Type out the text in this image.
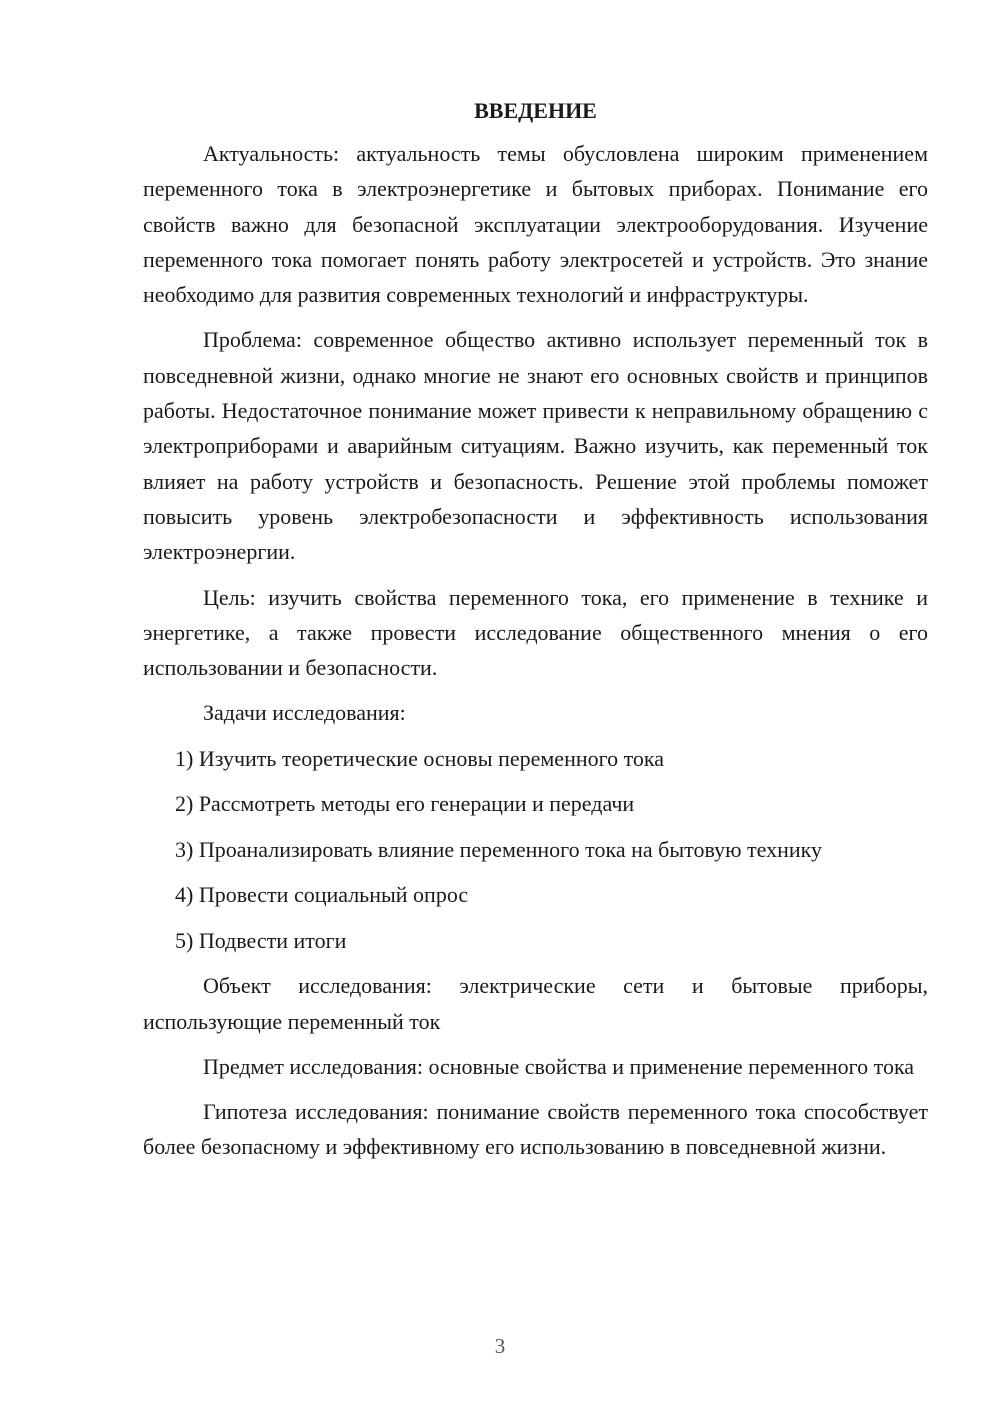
ВВЕДЕНИЕ

Актуальность: актуальность темы обусловлена широким применением переменного тока в электроэнергетике и бытовых приборах. Понимание его свойств важно для безопасной эксплуатации электрооборудования. Изучение переменного тока помогает понять работу электросетей и устройств. Это знание необходимо для развития современных технологий и инфраструктуры.

Проблема: современное общество активно использует переменный ток в повседневной жизни, однако многие не знают его основных свойств и принципов работы. Недостаточное понимание может привести к неправильному обращению с электроприборами и аварийным ситуациям. Важно изучить, как переменный ток влияет на работу устройств и безопасность. Решение этой проблемы поможет повысить уровень электробезопасности и эффективность использования электроэнергии.

Цель: изучить свойства переменного тока, его применение в технике и энергетике, а также провести исследование общественного мнения о его использовании и безопасности.

Задачи исследования:

1) Изучить теоретические основы переменного тока
2) Рассмотреть методы его генерации и передачи
3) Проанализировать влияние переменного тока на бытовую технику
4) Провести социальный опрос
5) Подвести итоги

Объект исследования: электрические сети и бытовые приборы, использующие переменный ток

Предмет исследования: основные свойства и применение переменного тока

Гипотеза исследования: понимание свойств переменного тока способствует более безопасному и эффективному его использованию в повседневной жизни.

3
